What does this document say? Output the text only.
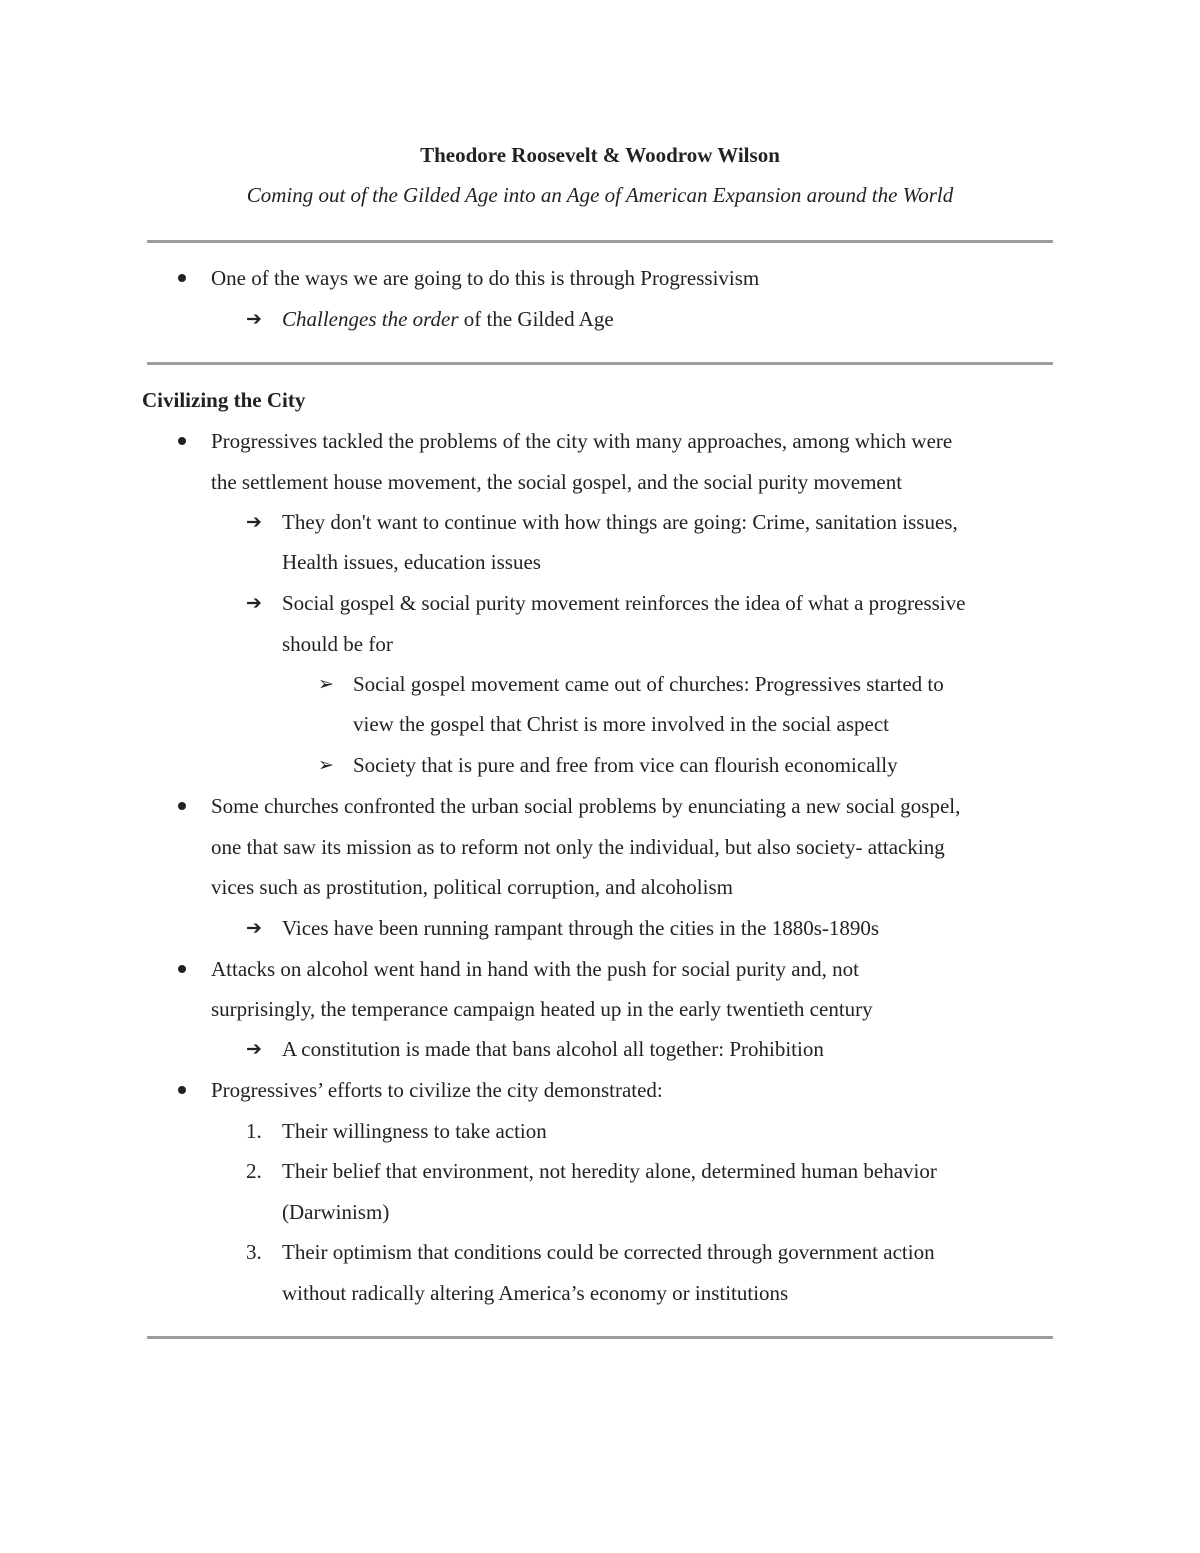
Theodore Roosevelt & Woodrow Wilson
Coming out of the Gilded Age into an Age of American Expansion around the World
One of the ways we are going to do this is through Progressivism
➔ Challenges the order of the Gilded Age
Civilizing the City
Progressives tackled the problems of the city with many approaches, among which were
the settlement house movement, the social gospel, and the social purity movement
➔ They don't want to continue with how things are going: Crime, sanitation issues,
Health issues, education issues
➔ Social gospel & social purity movement reinforces the idea of what a progressive
should be for
➢ Social gospel movement came out of churches: Progressives started to
view the gospel that Christ is more involved in the social aspect
➢ Society that is pure and free from vice can flourish economically
Some churches confronted the urban social problems by enunciating a new social gospel,
one that saw its mission as to reform not only the individual, but also society- attacking
vices such as prostitution, political corruption, and alcoholism
➔ Vices have been running rampant through the cities in the 1880s-1890s
Attacks on alcohol went hand in hand with the push for social purity and, not
surprisingly, the temperance campaign heated up in the early twentieth century
➔ A constitution is made that bans alcohol all together: Prohibition
Progressives’ efforts to civilize the city demonstrated:
1. Their willingness to take action
2. Their belief that environment, not heredity alone, determined human behavior
(Darwinism)
3. Their optimism that conditions could be corrected through government action
without radically altering America’s economy or institutions
